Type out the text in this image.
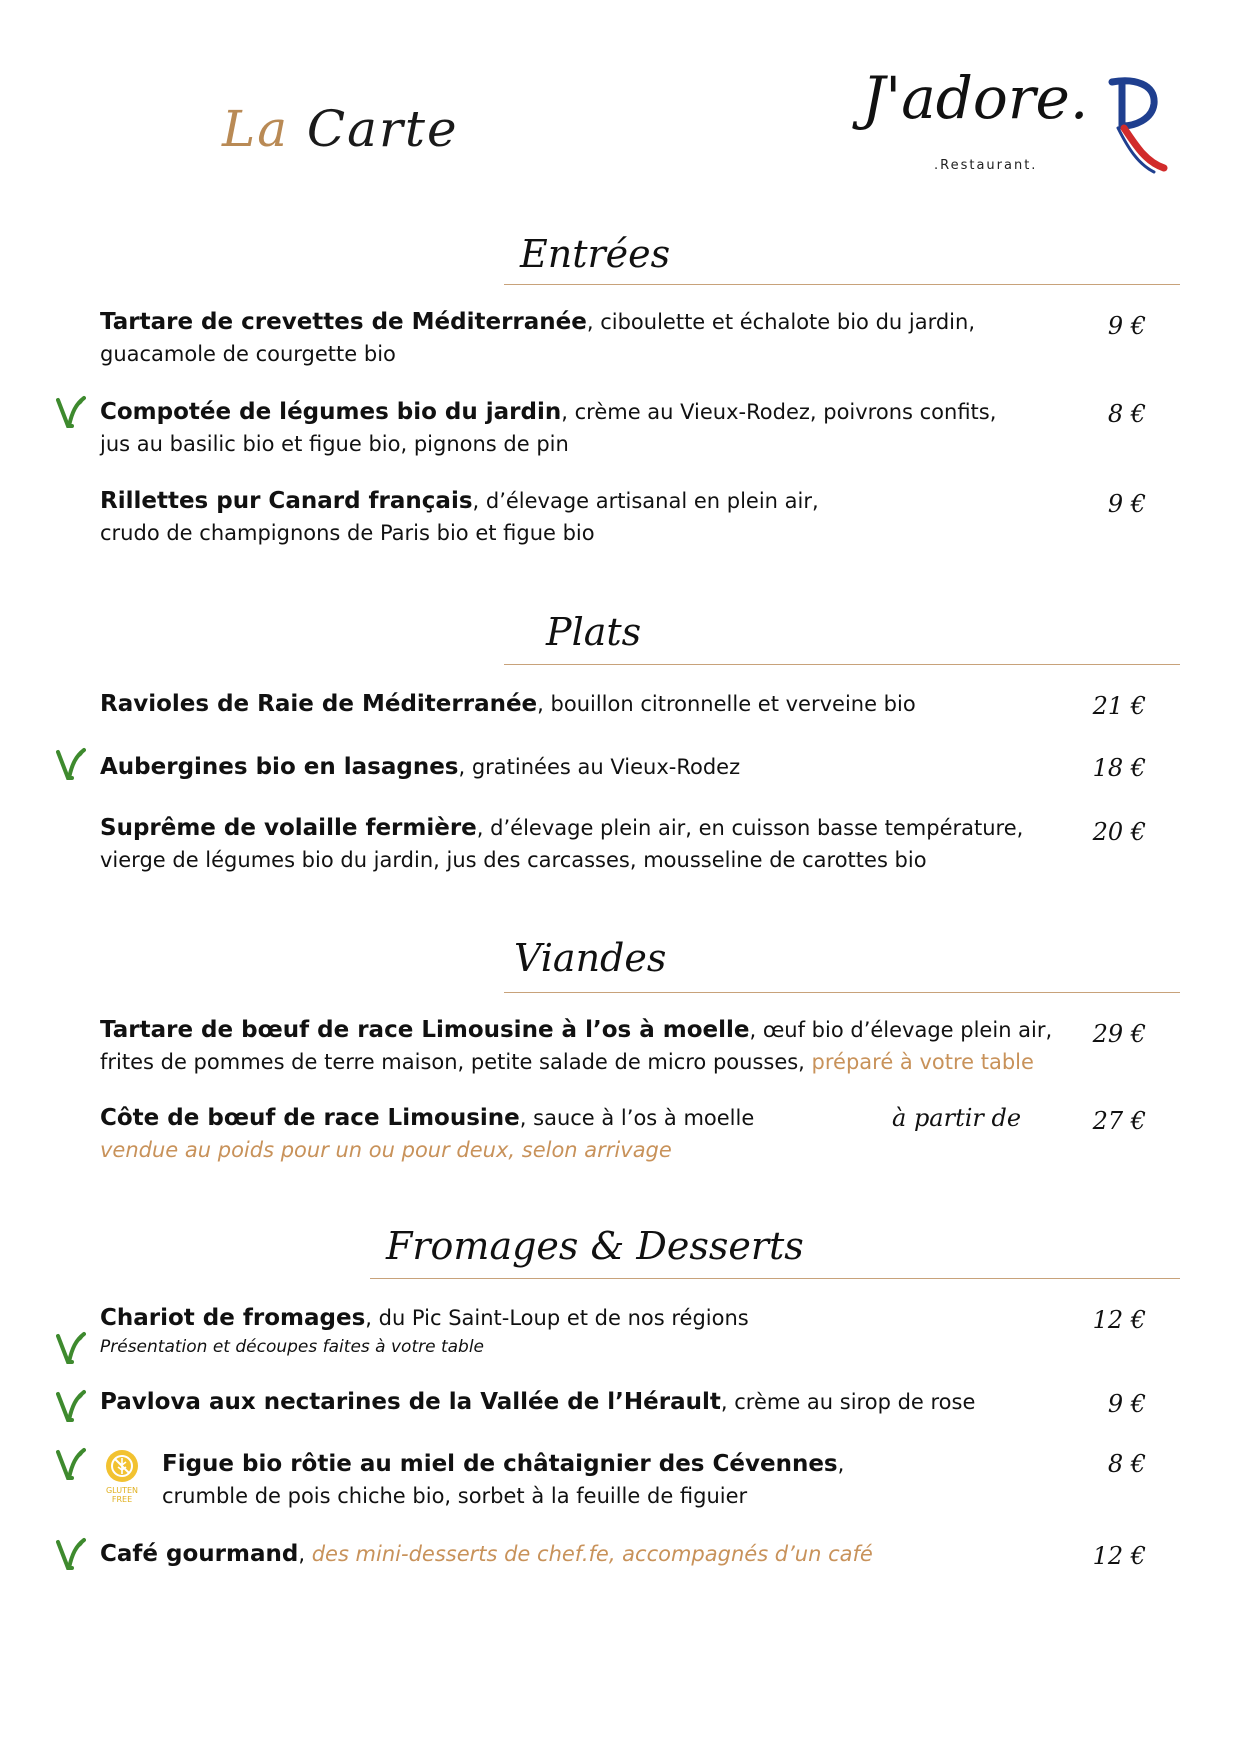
La Carte	J'adore.
.Restaurant.
Entrées
Tartare de crevettes de Méditerranée, ciboulette et échalote bio du jardin,
guacamole de courgette bio
9 €
Compotée de légumes bio du jardin, crème au Vieux-Rodez, poivrons confits,
jus au basilic bio et figue bio, pignons de pin
8 €
Rillettes pur Canard français, d’élevage artisanal en plein air,
crudo de champignons de Paris bio et figue bio
9 €
Plats
Ravioles de Raie de Méditerranée, bouillon citronnelle et verveine bio	21 €
Aubergines bio en lasagnes, gratinées au Vieux-Rodez	18 €
Suprême de volaille fermière, d’élevage plein air, en cuisson basse température,
vierge de légumes bio du jardin, jus des carcasses, mousseline de carottes bio
20 €
Viandes
Tartare de bœuf de race Limousine à l’os à moelle, œuf bio d’élevage plein air,
frites de pommes de terre maison, petite salade de micro pousses, préparé à votre table
29 €
Côte de bœuf de race Limousine, sauce à l’os à moelle
vendue au poids pour un ou pour deux, selon arrivage
à partir de	27 €
Fromages & Desserts
Chariot de fromages, du Pic Saint-Loup et de nos régions
Présentation et découpes faites à votre table
12 €
Pavlova aux nectarines de la Vallée de l’Hérault, crème au sirop de rose	9 €
GLUTEN
FREE
Figue bio rôtie au miel de châtaignier des Cévennes,
crumble de pois chiche bio, sorbet à la feuille de figuier
8 €
Café gourmand, des mini-desserts de chef.fe, accompagnés d’un café	12 €
